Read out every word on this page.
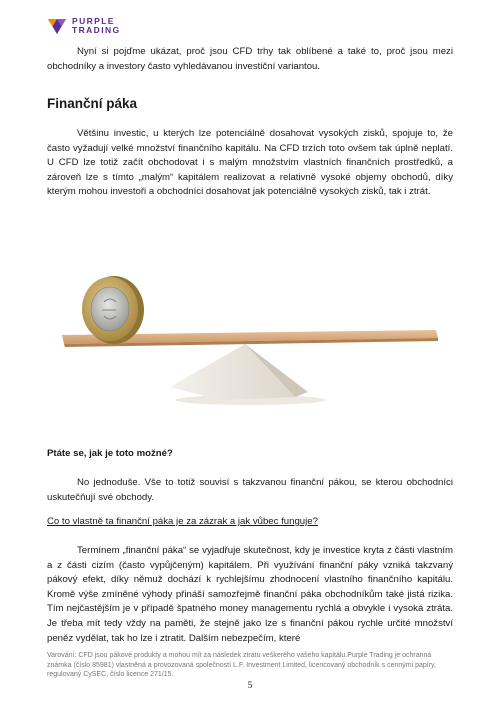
PURPLE
TRADING

Nyní si pojďme ukázat, proč jsou CFD trhy tak oblíbené a také to, proč jsou mezi obchodníky a investory často vyhledávanou investiční variantou.

Finanční páka

Většinu investic, u kterých lze potenciálně dosahovat vysokých zisků, spojuje to, že často vyžadují velké množství finančního kapitálu. Na CFD trzích toto ovšem tak úplně neplatí. U CFD lze totiž začít obchodovat i s malým množstvím vlastních finančních prostředků, a zároveň lze s tímto „malým“ kapitálem realizovat a relativně vysoké objemy obchodů, díky kterým mohou investoři a obchodníci dosahovat jak potenciálně vysokých zisků, tak i ztrát.

Ptáte se, jak je toto možné?

No jednoduše. Vše to totiž souvisí s takzvanou finanční pákou, se kterou obchodníci uskutečňují své obchody.

Co to vlastně ta finanční páka je za zázrak a jak vůbec funguje?

Termínem „finanční páka“ se vyjadřuje skutečnost, kdy je investice kryta z části vlastním a z části cizím (často vypůjčeným) kapitálem. Při využívání finanční páky vzniká takzvaný pákový efekt, díky němuž dochází k rychlejšímu zhodnocení vlastního finančního kapitálu. Kromě výše zmíněné výhody přináší samozřejmě finanční páka obchodníkům také jistá rizika. Tím nejčastějším je v případě špatného money managementu rychlá a obvykle i vysoká ztráta. Je třeba mít tedy vždy na paměti, že stejně jako lze s finanční pákou rychle určité množství peněz vydělat, tak ho lze i ztratit. Dalším nebezpečím, které

Varování: CFD jsou pákové produkty a mohou mít za následek ztrátu veškerého vašeho kapitálu.Purple Trading je ochranná známka (číslo 85981) vlastněná a provozovaná společností L.F. Investment Limited, licencovaný obchodník s cennými papíry, regulovaný CySEC, číslo licence 271/15.

5
